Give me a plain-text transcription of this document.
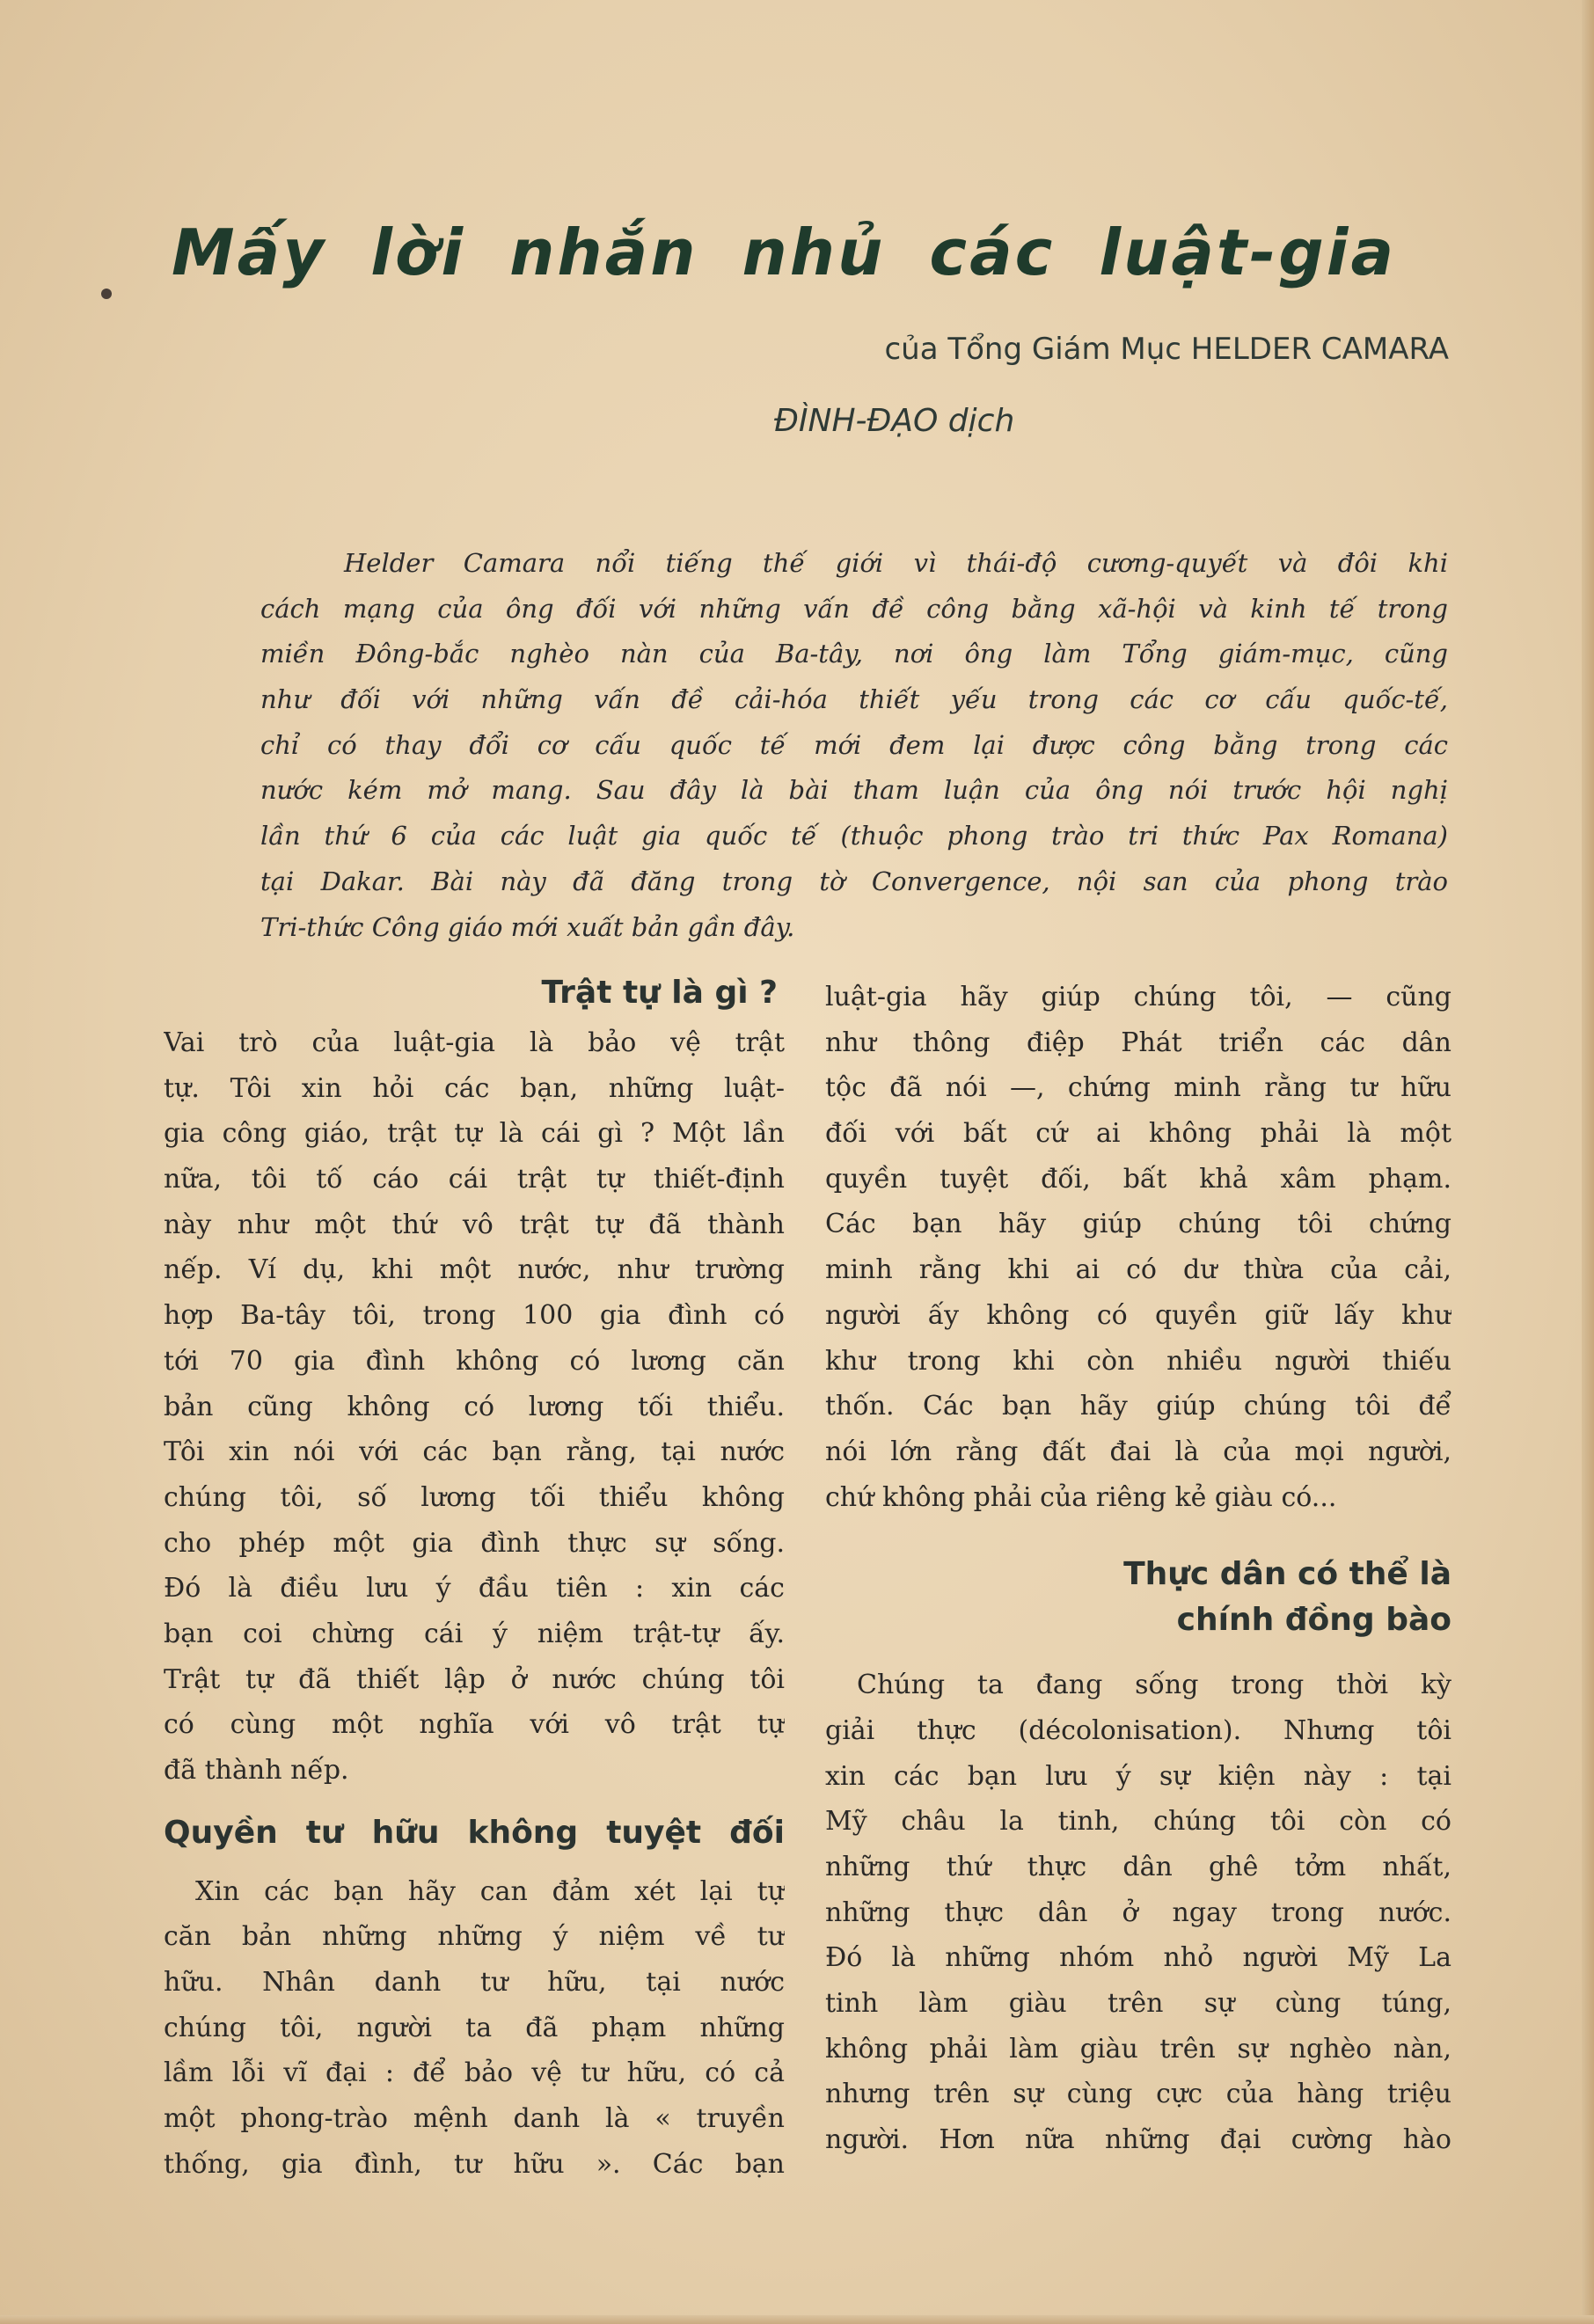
Mấy lời nhắn nhủ các luật-gia
của Tổng Giám Mục HELDER CAMARA
ĐÌNH-ĐẠO dịch
Helder Camara nổi tiếng thế giới vì thái-độ cương-quyết và đôi khi
cách mạng của ông đối với những vấn đề công bằng xã-hội và kinh tế trong
miền Đông-bắc nghèo nàn của Ba-tây, nơi ông làm Tổng giám-mục, cũng
như đối với những vấn đề cải-hóa thiết yếu trong các cơ cấu quốc-tế,
chỉ có thay đổi cơ cấu quốc tế mới đem lại được công bằng trong các
nước kém mở mang. Sau đây là bài tham luận của ông nói trước hội nghị
lần thứ 6 của các luật gia quốc tế (thuộc phong trào tri thức Pax Romana)
tại Dakar. Bài này đã đăng trong tờ Convergence, nội san của phong trào
Tri-thức Công giáo mới xuất bản gần đây.
Trật tự là gì ?
Vai trò của luật-gia là bảo vệ trật
tự. Tôi xin hỏi các bạn, những luật-
gia công giáo, trật tự là cái gì ? Một lần
nữa, tôi tố cáo cái trật tự thiết-định
này như một thứ vô trật tự đã thành
nếp. Ví dụ, khi một nước, như trường
hợp Ba-tây tôi, trong 100 gia đình có
tới 70 gia đình không có lương căn
bản cũng không có lương tối thiểu.
Tôi xin nói với các bạn rằng, tại nước
chúng tôi, số lương tối thiểu không
cho phép một gia đình thực sự sống.
Đó là điều lưu ý đầu tiên : xin các
bạn coi chừng cái ý niệm trật-tự ấy.
Trật tự đã thiết lập ở nước chúng tôi
có cùng một nghĩa với vô trật tự
đã thành nếp.
Quyền tư hữu không tuyệt đối
Xin các bạn hãy can đảm xét lại tự
căn bản những những ý niệm về tư
hữu. Nhân danh tư hữu, tại nước
chúng tôi, người ta đã phạm những
lầm lỗi vĩ đại : để bảo vệ tư hữu, có cả
một phong-trào mệnh danh là « truyền
thống, gia đình, tư hữu ». Các bạn
luật-gia hãy giúp chúng tôi, — cũng
như thông điệp Phát triển các dân
tộc đã nói —, chứng minh rằng tư hữu
đối với bất cứ ai không phải là một
quyền tuyệt đối, bất khả xâm phạm.
Các bạn hãy giúp chúng tôi chứng
minh rằng khi ai có dư thừa của cải,
người ấy không có quyền giữ lấy khư
khư trong khi còn nhiều người thiếu
thốn. Các bạn hãy giúp chúng tôi để
nói lớn rằng đất đai là của mọi người,
chứ không phải của riêng kẻ giàu có...
Thực dân có thể là
chính đồng bào
Chúng ta đang sống trong thời kỳ
giải thực (décolonisation). Nhưng tôi
xin các bạn lưu ý sự kiện này : tại
Mỹ châu la tinh, chúng tôi còn có
những thứ thực dân ghê tởm nhất,
những thực dân ở ngay trong nước.
Đó là những nhóm nhỏ người Mỹ La
tinh làm giàu trên sự cùng túng,
không phải làm giàu trên sự nghèo nàn,
nhưng trên sự cùng cực của hàng triệu
người. Hơn nữa những đại cường hào
